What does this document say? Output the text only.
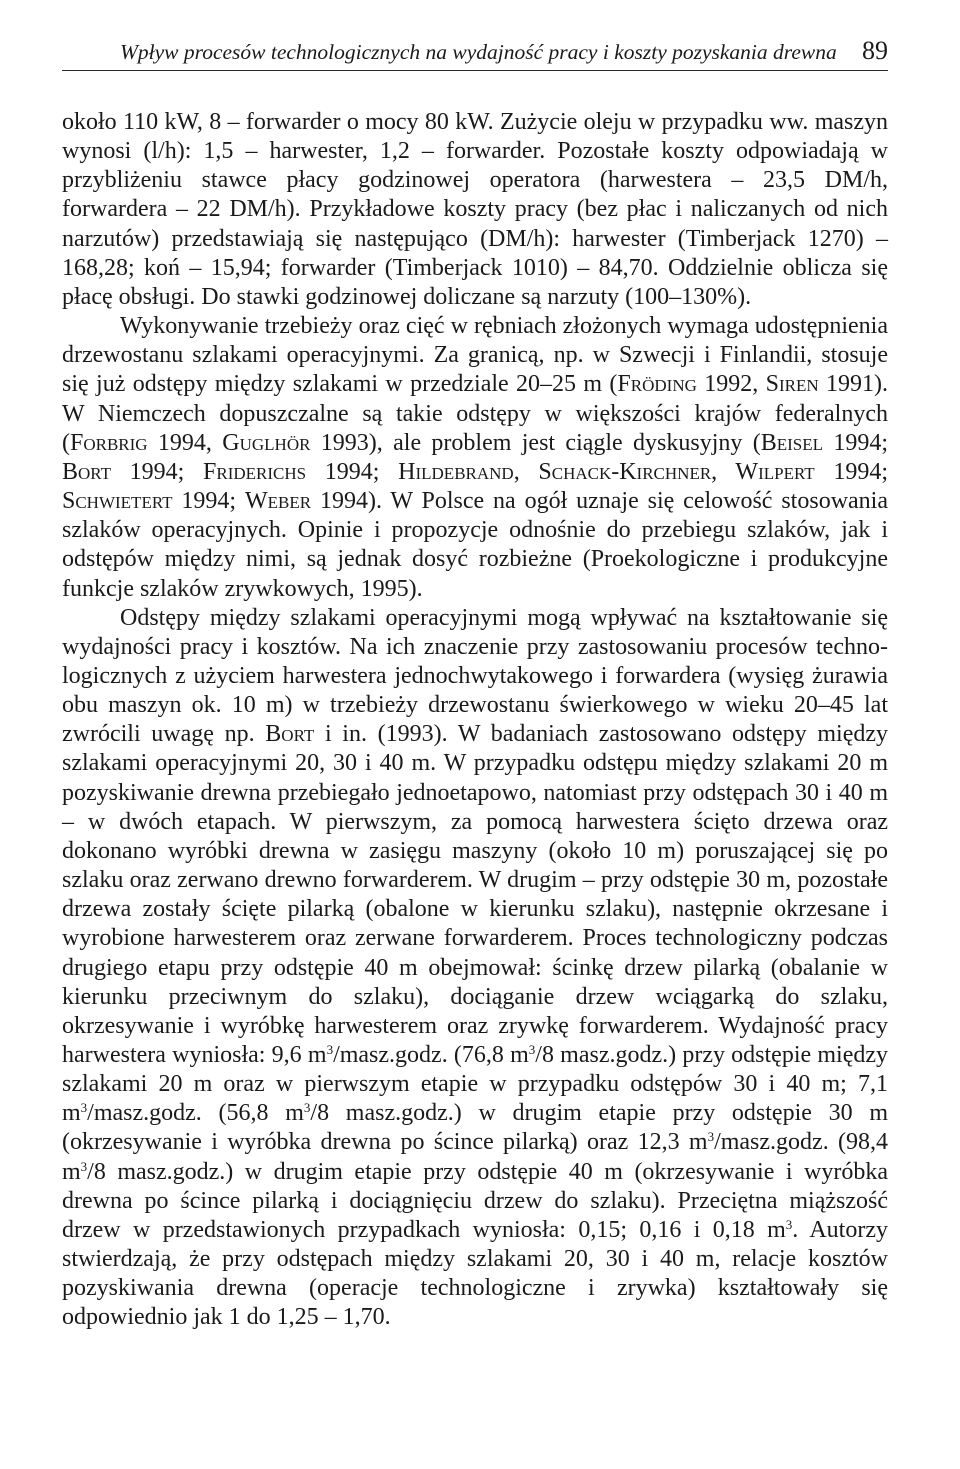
Wpływ procesów technologicznych na wydajność pracy i koszty pozyskania drewna 89

około 110 kW, 8 – forwarder o mocy 80 kW. Zużycie oleju w przypadku ww. maszyn wynosi (l/h): 1,5 – harwester, 1,2 – forwarder. Pozostałe koszty odpowiadają w przybliżeniu stawce płacy godzinowej operatora (harwestera – 23,5 DM/h, forwardera – 22 DM/h). Przykładowe koszty pracy (bez płac i naliczanych od nich narzutów) przedstawiają się następująco (DM/h): harwester (Timberjack 1270) – 168,28; koń – 15,94; forwarder (Timberjack 1010) – 84,70. Oddzielnie oblicza się płacę obsługi. Do stawki godzinowej doliczane są narzuty (100–130%).

Wykonywanie trzebieży oraz cięć w rębniach złożonych wymaga udostępnienia drzewostanu szlakami operacyjnymi. Za granicą, np. w Szwecji i Finlandii, stosuje się już odstępy między szlakami w przedziale 20–25 m (Fröding 1992, Siren 1991). W Niemczech dopuszczalne są takie odstępy w większości krajów federalnych (Forbrig 1994, Guglhör 1993), ale problem jest ciągle dyskusyjny (Beisel 1994; Bort 1994; Friderichs 1994; Hildebrand, Schack-Kirchner, Wilpert 1994; Schwietert 1994; Weber 1994). W Polsce na ogół uznaje się celowość stosowania szlaków operacyjnych. Opinie i propozycje odnośnie do przebiegu szlaków, jak i odstępów między nimi, są jednak dosyć rozbieżne (Proekologiczne i produkcyjne funkcje szlaków zrywkowych, 1995).

Odstępy między szlakami operacyjnymi mogą wpływać na kształtowanie się wydajności pracy i kosztów. Na ich znaczenie przy zastosowaniu procesów technologicznych z użyciem harwestera jednochwytakowego i forwardera (wysięg żurawia obu maszyn ok. 10 m) w trzebieży drzewostanu świerkowego w wieku 20–45 lat zwrócili uwagę np. Bort i in. (1993). W badaniach zastosowano odstępy między szlakami operacyjnymi 20, 30 i 40 m. W przypadku odstępu między szlakami 20 m pozyskiwanie drewna przebiegało jednoetapowo, natomiast przy odstępach 30 i 40 m – w dwóch etapach. W pierwszym, za pomocą harwestera ścięto drzewa oraz dokonano wyróbki drewna w zasięgu maszyny (około 10 m) poruszającej się po szlaku oraz zerwano drewno forwarderem. W drugim – przy odstępie 30 m, pozostałe drzewa zostały ścięte pilarką (obalone w kierunku szlaku), następnie okrzesane i wyrobione harwesterem oraz zerwane forwarderem. Proces technologiczny podczas drugiego etapu przy odstępie 40 m obejmował: ścinkę drzew pilarką (obalanie w kierunku przeciwnym do szlaku), dociąganie drzew wciągarką do szlaku, okrzesywanie i wyróbkę harwesterem oraz zrywkę forwarderem. Wydajność pracy harwestera wyniosła: 9,6 $m^3/masz.godz$. (76,8 $m^3/8$ masz.godz.) przy odstępie między szlakami 20 m oraz w pierwszym etapie w przypadku odstępów 30 i 40 m; 7,1 $m^3/masz.godz$. (56,8 $m^3/8$ masz.godz.) w drugim etapie przy odstępie 30 m (okrzesywanie i wyróbka drewna po ścince pilarką) oraz 12,3 $m^3/masz.godz$. (98,4 $m^3/8$ masz.godz.) w drugim etapie przy odstępie 40 m (okrzesywanie i wyróbka drewna po ścince pilarką i dociągnięciu drzew do szlaku). Przeciętna miąższość drzew w przedstawionych przypadkach wyniosła: 0,15; 0,16 i 0,18 $m^3$. Autorzy stwierdzają, że przy odstępach między szlakami 20, 30 i 40 m, relacje kosztów pozyskiwania drewna (operacje technologiczne i zrywka) kształtowały się odpowiednio jak 1 do 1,25 – 1,70.
